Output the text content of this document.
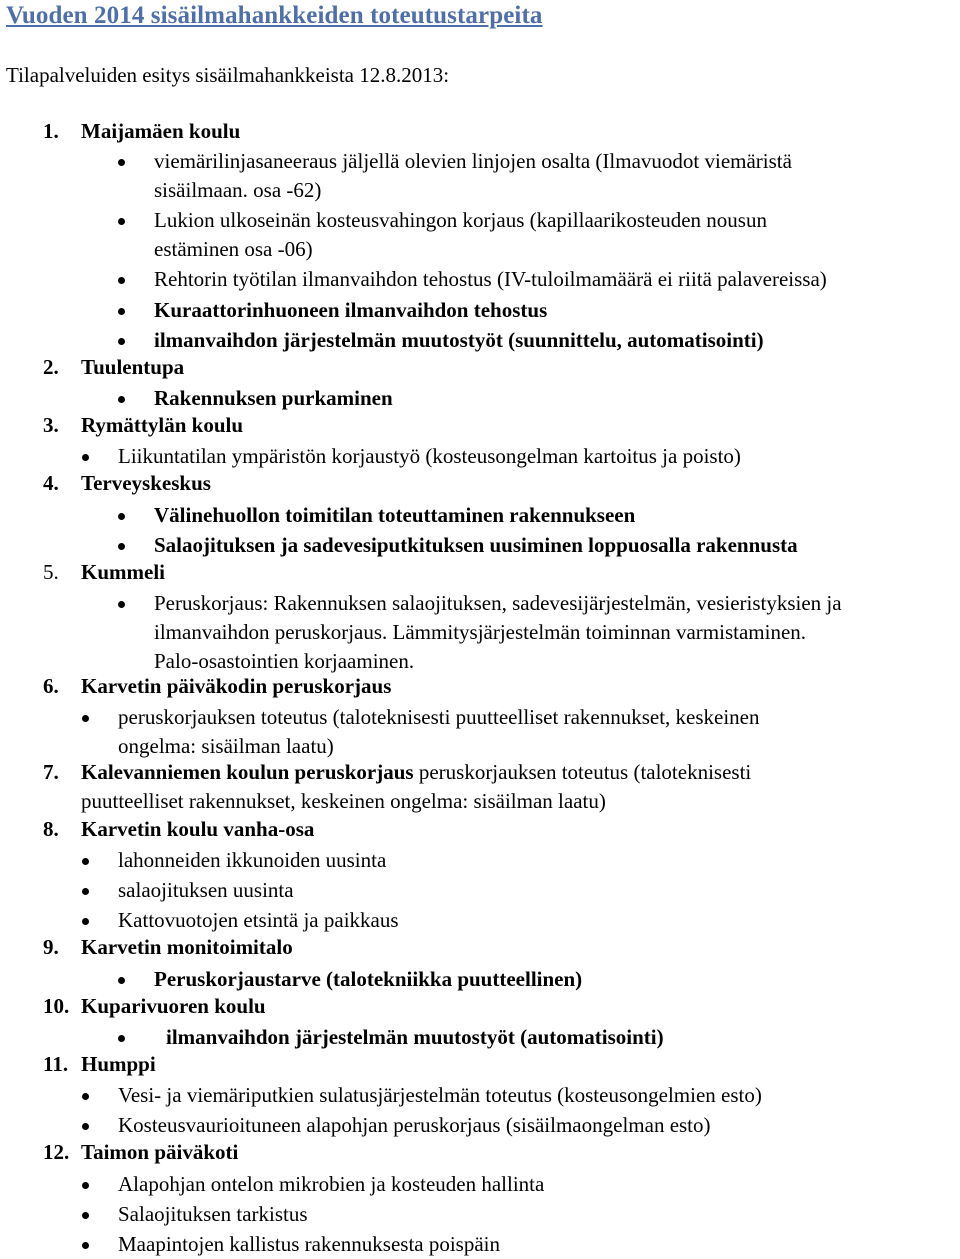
Vuoden 2014 sisäilmahankkeiden toteutustarpeita
Tilapalveluiden esitys sisäilmahankkeista 12.8.2013:
1. Maijamäen koulu
viemärilinjasaneeraus jäljellä olevien linjojen osalta (Ilmavuodot viemäristä
sisäilmaan. osa -62)
Lukion ulkoseinän kosteusvahingon korjaus (kapillaarikosteuden nousun
estäminen osa -06)
Rehtorin työtilan ilmanvaihdon tehostus (IV-tuloilmamäärä ei riitä palavereissa)
Kuraattorinhuoneen ilmanvaihdon tehostus
ilmanvaihdon järjestelmän muutostyöt (suunnittelu, automatisointi)
2. Tuulentupa
Rakennuksen purkaminen
3. Rymättylän koulu
Liikuntatilan ympäristön korjaustyö (kosteusongelman kartoitus ja poisto)
4. Terveyskeskus
Välinehuollon toimitilan toteuttaminen rakennukseen
Salaojituksen ja sadevesiputkituksen uusiminen loppuosalla rakennusta
5. Kummeli
Peruskorjaus: Rakennuksen salaojituksen, sadevesijärjestelmän, vesieristyksien ja
ilmanvaihdon peruskorjaus. Lämmitysjärjestelmän toiminnan varmistaminen.
Palo-osastointien korjaaminen.
6. Karvetin päiväkodin peruskorjaus
peruskorjauksen toteutus (taloteknisesti puutteelliset rakennukset, keskeinen
ongelma: sisäilman laatu)
7. Kalevanniemen koulun peruskorjaus peruskorjauksen toteutus (taloteknisesti
puutteelliset rakennukset, keskeinen ongelma: sisäilman laatu)
8. Karvetin koulu vanha-osa
lahonneiden ikkunoiden uusinta
salaojituksen uusinta
Kattovuotojen etsintä ja paikkaus
9. Karvetin monitoimitalo
Peruskorjaustarve (talotekniikka puutteellinen)
10. Kuparivuoren koulu
ilmanvaihdon järjestelmän muutostyöt (automatisointi)
11. Humppi
Vesi- ja viemäriputkien sulatusjärjestelmän toteutus (kosteusongelmien esto)
Kosteusvaurioituneen alapohjan peruskorjaus (sisäilmaongelman esto)
12. Taimon päiväkoti
Alapohjan ontelon mikrobien ja kosteuden hallinta
Salaojituksen tarkistus
Maapintojen kallistus rakennuksesta poispäin
